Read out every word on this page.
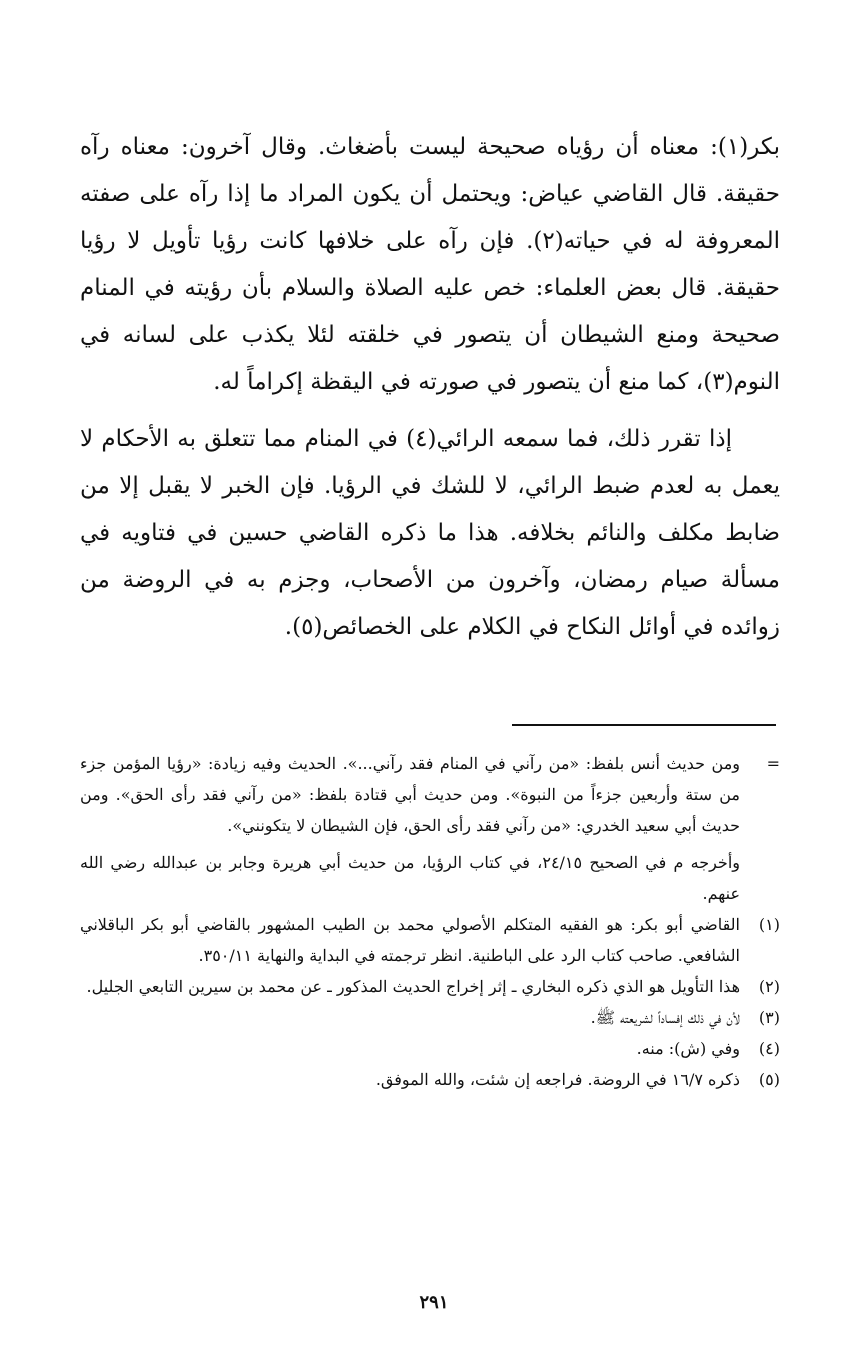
بكر(١): معناه أن رؤياه صحيحة ليست بأضغاث. وقال آخرون: معناه رآه حقيقة. قال القاضي عياض: ويحتمل أن يكون المراد ما إذا رآه على صفته المعروفة له في حياته(٢). فإن رآه على خلافها كانت رؤيا تأويل لا رؤيا حقيقة. قال بعض العلماء: خص عليه الصلاة والسلام بأن رؤيته في المنام صحيحة ومنع الشيطان أن يتصور في خلقته لئلا يكذب على لسانه في النوم(٣)، كما منع أن يتصور في صورته في اليقظة إكراماً له.

إذا تقرر ذلك، فما سمعه الرائي(٤) في المنام مما تتعلق به الأحكام لا يعمل به لعدم ضبط الرائي، لا للشك في الرؤيا. فإن الخبر لا يقبل إلا من ضابط مكلف والنائم بخلافه. هذا ما ذكره القاضي حسين في فتاويه في مسألة صيام رمضان، وآخرون من الأصحاب، وجزم به في الروضة من زوائده في أوائل النكاح في الكلام على الخصائص(٥).

=
ومن حديث أنس بلفظ: «من رآني في المنام فقد رآني...». الحديث وفيه زيادة: «رؤيا المؤمن جزء من ستة وأربعين جزءاً من النبوة». ومن حديث أبي قتادة بلفظ: «من رآني فقد رأى الحق». ومن حديث أبي سعيد الخدري: «من رآني فقد رأى الحق، فإن الشيطان لا يتكونني».

وأخرجه م في الصحيح ٢٤/١٥، في كتاب الرؤيا، من حديث أبي هريرة وجابر بن عبدالله رضي الله عنهم.

(١)
القاضي أبو بكر: هو الفقيه المتكلم الأصولي محمد بن الطيب المشهور بالقاضي أبو بكر الباقلاني الشافعي. صاحب كتاب الرد على الباطنية. انظر ترجمته في البداية والنهاية ٣٥٠/١١.

(٢)
هذا التأويل هو الذي ذكره البخاري ـ إثر إخراج الحديث المذكور ـ عن محمد بن سيرين التابعي الجليل.

(٣)
لأن في ذلك إفساداً لشريعته ﷺ.

(٤)
وفي (ش): منه.

(٥)
ذكره ١٦/٧ في الروضة. فراجعه إن شئت، والله الموفق.

٢٩١
